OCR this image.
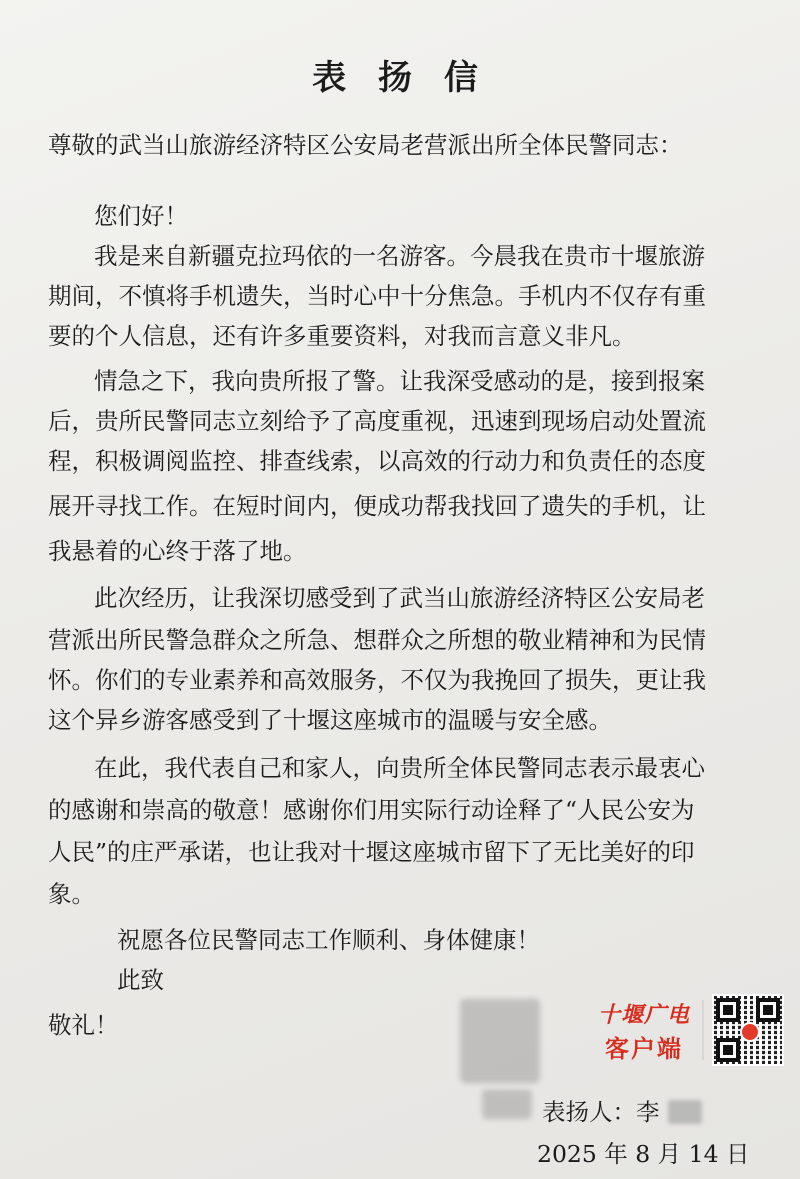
表 扬 信
尊敬的武当山旅游经济特区公安局老营派出所全体民警同志：
您们好！
我是来自新疆克拉玛依的一名游客。今晨我在贵市十堰旅游
期间，不慎将手机遗失，当时心中十分焦急。手机内不仅存有重
要的个人信息，还有许多重要资料，对我而言意义非凡。
情急之下，我向贵所报了警。让我深受感动的是，接到报案
后，贵所民警同志立刻给予了高度重视，迅速到现场启动处置流
程，积极调阅监控、排查线索，以高效的行动力和负责任的态度
展开寻找工作。在短时间内，便成功帮我找回了遗失的手机，让
我悬着的心终于落了地。
此次经历，让我深切感受到了武当山旅游经济特区公安局老
营派出所民警急群众之所急、想群众之所想的敬业精神和为民情
怀。你们的专业素养和高效服务，不仅为我挽回了损失，更让我
这个异乡游客感受到了十堰这座城市的温暖与安全感。
在此，我代表自己和家人，向贵所全体民警同志表示最衷心
的感谢和崇高的敬意！感谢你们用实际行动诠释了“人民公安为
人民”的庄严承诺，也让我对十堰这座城市留下了无比美好的印
象。
祝愿各位民警同志工作顺利、身体健康！
此致
敬礼！
表扬人：李
2025 年 8 月 14 日
十堰广电
客户端
